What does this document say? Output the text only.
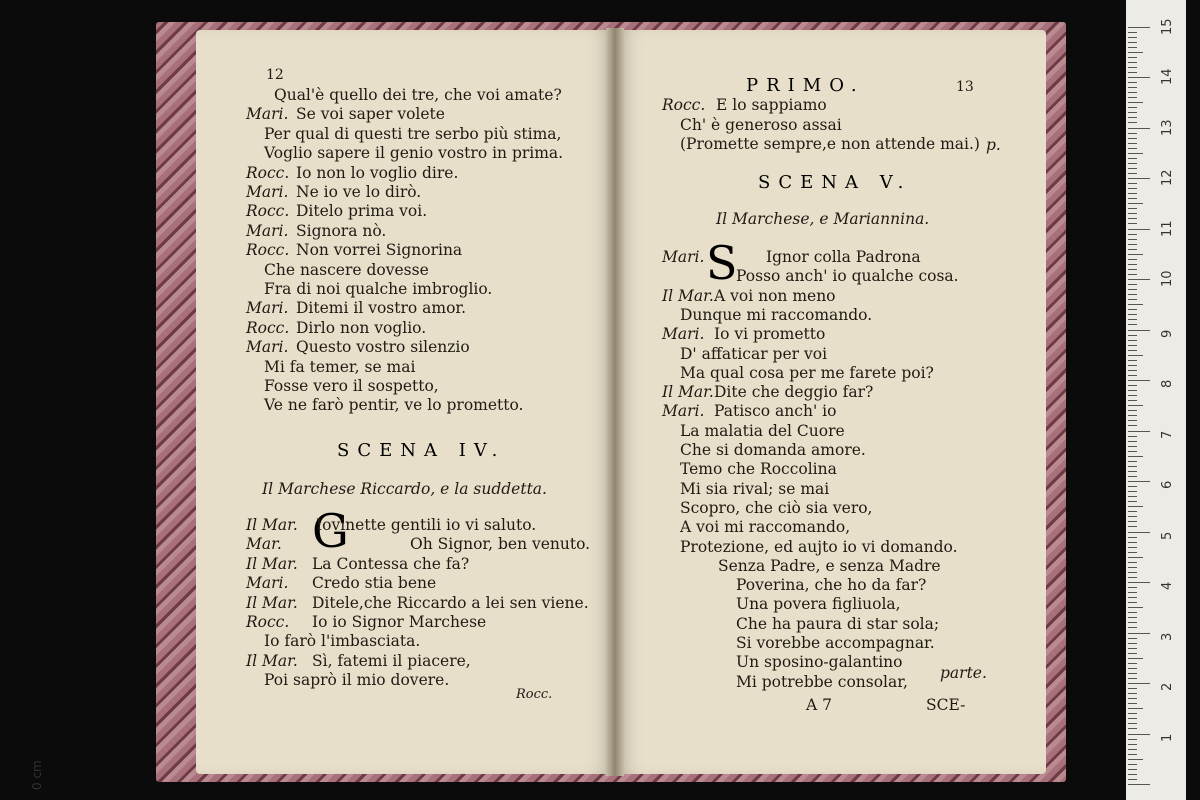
12
Qual'è quello dei tre, che voi amate?
Mari. Se voi saper volete
Per qual di questi tre serbo più stima,
Voglio sapere il genio vostro in prima.
Rocc. Io non lo voglio dire.
Mari. Ne io ve lo dirò.
Rocc. Ditelo prima voi.
Mari. Signora nò.
Rocc. Non vorrei Signorina
Che nascere dovesse
Fra di noi qualche imbroglio.
Mari. Ditemi il vostro amor.
Rocc. Dirlo non voglio.
Mari. Questo vostro silenzio
Mi fa temer, se mai
Fosse vero il sospetto,
Ve ne farò pentir, ve lo prometto.
SCENA IV.
Il Marchese Riccardo, e la suddetta.
G
Il Mar. Iovinette gentili io vi saluto.
Mar.	Oh Signor, ben venuto.
Il Mar. La Contessa che fa?
Mari. Credo stia bene
Il Mar. Ditele,che Riccardo a lei sen viene.
Rocc. Io io Signor Marchese
Io farò l'imbasciata.
Il Mar. Sì, fatemi il piacere,
Poi saprò il mio dovere.
Rocc.
PRIMO.	13
Rocc. E lo sappiamo
Ch' è generoso assai
(Promette sempre,e non attende mai.) p.
SCENA V.
Il Marchese, e Mariannina.
S
Mari.	Ignor colla Padrona
Posso anch' io qualche cosa.
Il Mar. A voi non meno
Dunque mi raccomando.
Mari. Io vi prometto
D' affaticar per voi
Ma qual cosa per me farete poi?
Il Mar. Dite che deggio far?
Mari. Patisco anch' io
La malatia del Cuore
Che si domanda amore.
Temo che Roccolina
Mi sia rival; se mai
Scopro, che ciò sia vero,
A voi mi raccomando,
Protezione, ed aujto io vi domando.
Senza Padre, e senza Madre
Poverina, che ho da far?
Una povera figliuola,
Che ha paura di star sola;
Si vorebbe accompagnar.
Un sposino-galantino
Mi potrebbe consolar, parte.
A 7	SCE-
0 cm
1
2
3
4
5
6
7
8
9
10
11
12
13
14
15
